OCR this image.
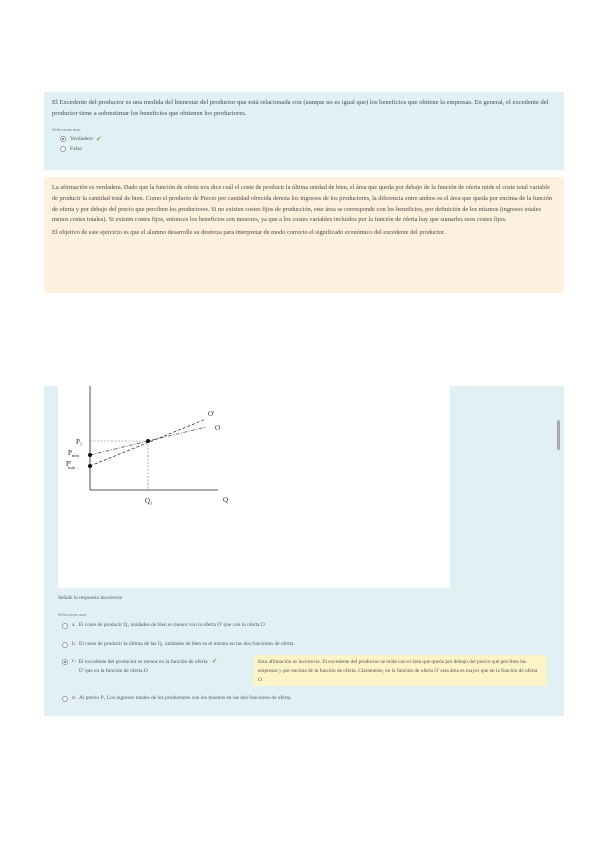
El Excedente del productor es una medida del bienestar del productor que está relacionada con (aunque no es igual que) los beneficios que obtiene la empresas. En general, el excedente del productor tiene a sobrestimar los beneficios que obtienen los productores.

Seleccione una:
Verdadero ✔
Falso

La afirmación es verdadera. Dado que la función de oferta nos dice cuál el coste de producir la última unidad de bien, el área que queda por debajo de la función de oferta mide el coste total variable de producir la cantidad total de bien. Como el producto de Precio por cantidad ofrecida denota los ingresos de los productores, la diferencia entre ambos es el área que queda por encima de la función de oferta y por debajo del precio que perciben los productores. Si no existen costes fijos de producción, este área se corresponde con los beneficios, por definición de los mismos (ingresos totales menos costes totales). Si existen costes fijos, entonces los beneficios son menores, ya que a los costes variables incluidos por la función de oferta hay que sumarles esos costes fijos.

El objetivo de este ejercicio es que el alumno desarrolle su destreza para interpretar de modo correcto el significado económico del excedente del productor.

O'
O
$P_1$
$P_{mín}$
P'mín
$Q_1$	Q
Señale la respuesta incorrecta
Seleccione una:
a. El coste de producir Q₁ unidades de bien es menor con la oferta O' que con la oferta O
b. El coste de producir la última de las Q₁ unidades de bien es el mismo en las dos funciones de oferta.
c. El excedente del productor es menor en la función de oferta ✔
O' que en la función de oferta O
Esta afirmación es incorrecta. El excedente del productor se mide con el área que queda por debajo del precio que perciben las empresas y por encima de la función de oferta. Claramente, en la función de oferta O' esta área es mayor que en la función de oferta O.
d. Al precio P₁ Los ingresos totales de los productores son los mismos en las dos funciones de oferta.
